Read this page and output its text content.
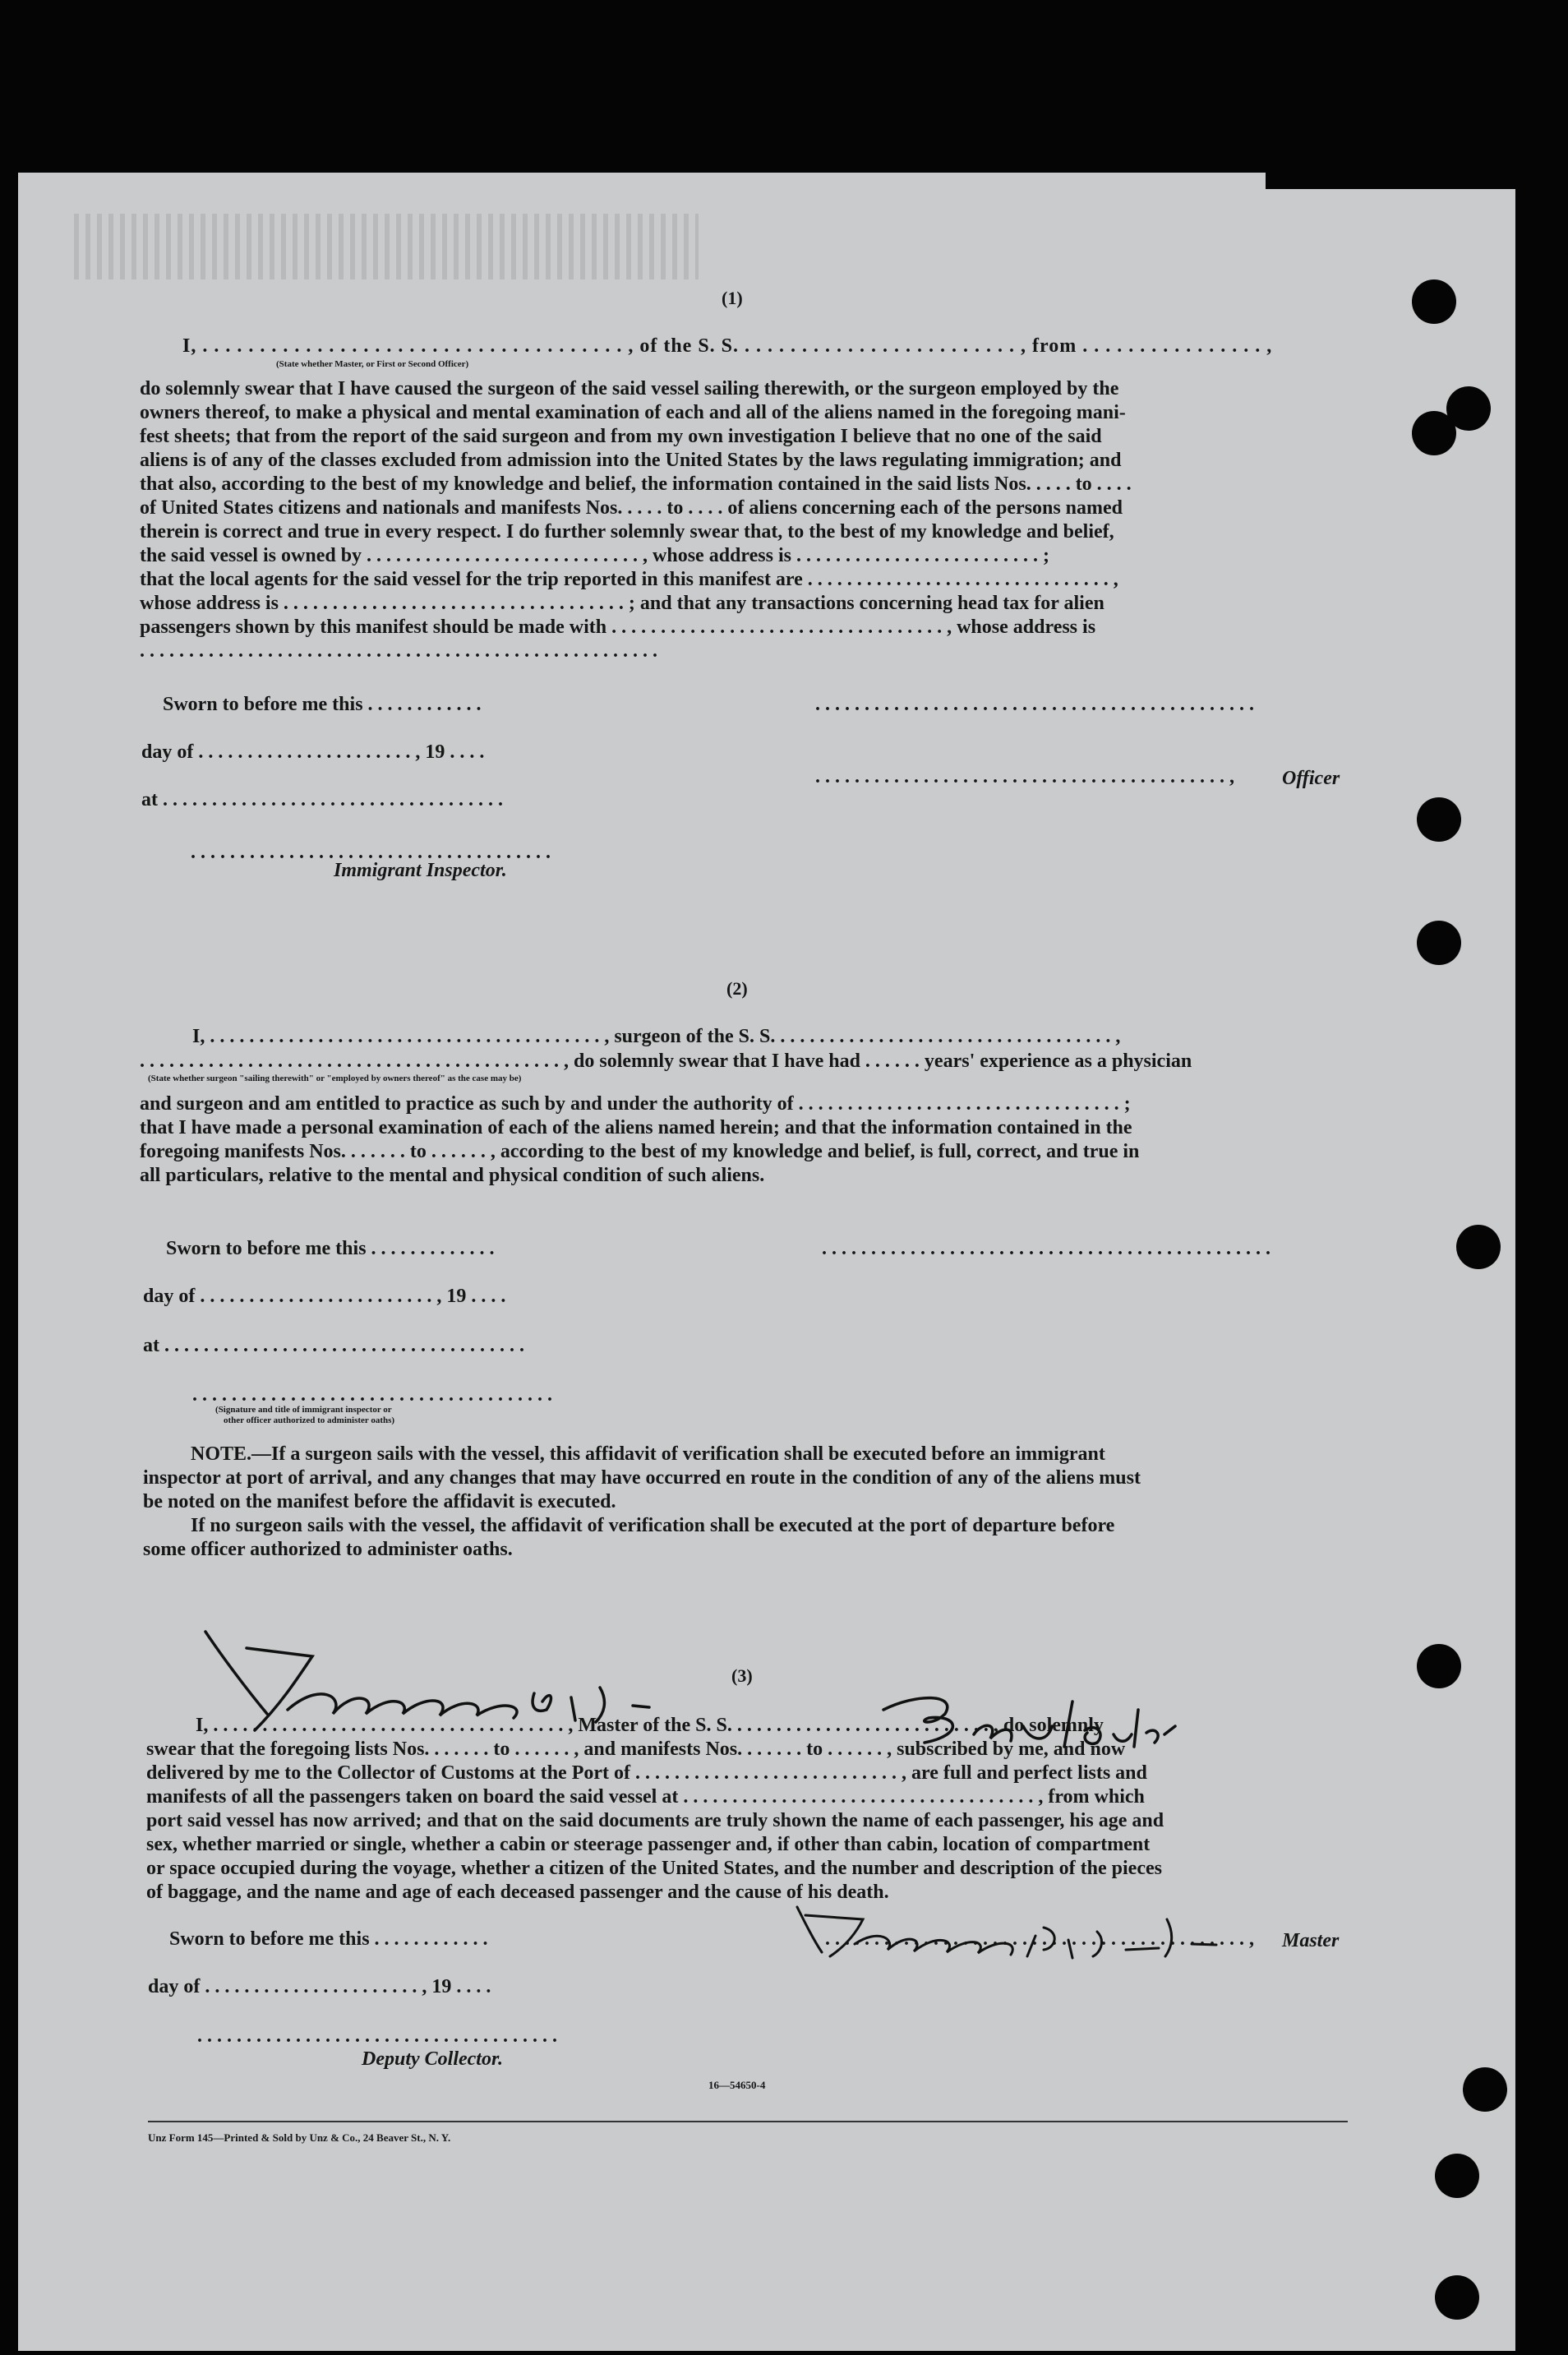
(1)
I, . . . . . . . . . . . . . . . . . . . . . . . . . . . . . . . . . . . . . , of the S. S. . . . . . . . . . . . . . . . . . . . . . . . . , from . . . . . . . . . . . . . . . . ,
(State whether Master, or First or Second Officer)
do solemnly swear that I have caused the surgeon of the said vessel sailing therewith, or the surgeon employed by the
owners thereof, to make a physical and mental examination of each and all of the aliens named in the foregoing mani-
fest sheets; that from the report of the said surgeon and from my own investigation I believe that no one of the said
aliens is of any of the classes excluded from admission into the United States by the laws regulating immigration; and
that also, according to the best of my knowledge and belief, the information contained in the said lists Nos. . . . . to . . . .
of United States citizens and nationals and manifests Nos. . . . . to . . . . of aliens concerning each of the persons named
therein is correct and true in every respect. I do further solemnly swear that, to the best of my knowledge and belief,
the said vessel is owned by . . . . . . . . . . . . . . . . . . . . . . . . . . . . , whose address is . . . . . . . . . . . . . . . . . . . . . . . . . ;
that the local agents for the said vessel for the trip reported in this manifest are . . . . . . . . . . . . . . . . . . . . . . . . . . . . . . . ,
whose address is . . . . . . . . . . . . . . . . . . . . . . . . . . . . . . . . . . . ; and that any transactions concerning head tax for alien
passengers shown by this manifest should be made with . . . . . . . . . . . . . . . . . . . . . . . . . . . . . . . . . . , whose address is
. . . . . . . . . . . . . . . . . . . . . . . . . . . . . . . . . . . . . . . . . . . . . . . . . . . . .
Sworn to before me this . . . . . . . . . . . .	. . . . . . . . . . . . . . . . . . . . . . . . . . . . . . . . . . . . . . . . . . . . .
day of . . . . . . . . . . . . . . . . . . . . . . , 19 . . . .
. . . . . . . . . . . . . . . . . . . . . . . . . . . . . . . . . . . . . . . . . . , Officer
at . . . . . . . . . . . . . . . . . . . . . . . . . . . . . . . . . . .
. . . . . . . . . . . . . . . . . . . . . . . . . . . . . . . . . . . . .
Immigrant Inspector.
(2)
I, . . . . . . . . . . . . . . . . . . . . . . . . . . . . . . . . . . . . . . . . , surgeon of the S. S. . . . . . . . . . . . . . . . . . . . . . . . . . . . . . . . . . . ,
. . . . . . . . . . . . . . . . . . . . . . . . . . . . . . . . . . . . . . . . . . . , do solemnly swear that I have had . . . . . . years' experience as a physician
(State whether surgeon "sailing therewith" or "employed by owners thereof" as the case may be)
and surgeon and am entitled to practice as such by and under the authority of . . . . . . . . . . . . . . . . . . . . . . . . . . . . . . . . . ;
that I have made a personal examination of each of the aliens named herein; and that the information contained in the
foregoing manifests Nos. . . . . . . to . . . . . . , according to the best of my knowledge and belief, is full, correct, and true in
all particulars, relative to the mental and physical condition of such aliens.
Sworn to before me this . . . . . . . . . . . . .	. . . . . . . . . . . . . . . . . . . . . . . . . . . . . . . . . . . . . . . . . . . . . .
day of . . . . . . . . . . . . . . . . . . . . . . . . , 19 . . . .
at . . . . . . . . . . . . . . . . . . . . . . . . . . . . . . . . . . . . .
. . . . . . . . . . . . . . . . . . . . . . . . . . . . . . . . . . . . .
(Signature and title of immigrant inspector or
other officer authorized to administer oaths)
NOTE.—If a surgeon sails with the vessel, this affidavit of verification shall be executed before an immigrant
inspector at port of arrival, and any changes that may have occurred en route in the condition of any of the aliens must
be noted on the manifest before the affidavit is executed.
If no surgeon sails with the vessel, the affidavit of verification shall be executed at the port of departure before
some officer authorized to administer oaths.
(3)
I, . . . . . . . . . . . . . . . . . . . . . . . . . . . . . . . . . . . . , Master of the S. S. . . . . . . . . . . . . . . . . . . . . . . . . . . , do solemnly
swear that the foregoing lists Nos. . . . . . . to . . . . . . , and manifests Nos. . . . . . . to . . . . . . , subscribed by me, and now
delivered by me to the Collector of Customs at the Port of . . . . . . . . . . . . . . . . . . . . . . . . . . . , are full and perfect lists and
manifests of all the passengers taken on board the said vessel at . . . . . . . . . . . . . . . . . . . . . . . . . . . . . . . . . . . . , from which
port said vessel has now arrived; and that on the said documents are truly shown the name of each passenger, his age and
sex, whether married or single, whether a cabin or steerage passenger and, if other than cabin, location of compartment
or space occupied during the voyage, whether a citizen of the United States, and the number and description of the pieces
of baggage, and the name and age of each deceased passenger and the cause of his death.
Sworn to before me this . . . . . . . . . . . .	. . . . . . . . . . . . . . . . . . . . . . . . . . . . . . . . . . . . . . . . . . . , Master
day of . . . . . . . . . . . . . . . . . . . . . . , 19 . . . .
. . . . . . . . . . . . . . . . . . . . . . . . . . . . . . . . . . . . .
Deputy Collector.
16—54650-4
Unz Form 145—Printed & Sold by Unz & Co., 24 Beaver St., N. Y.
